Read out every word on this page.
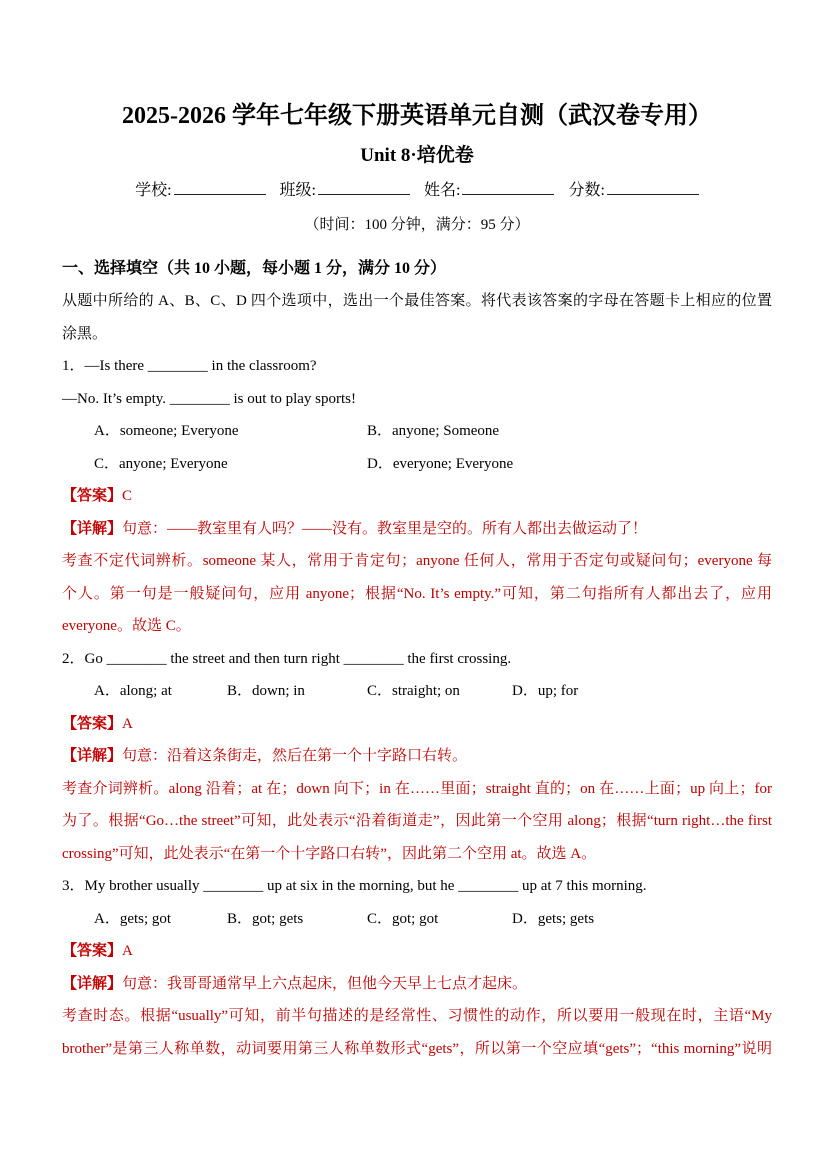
2025-2026 学年七年级下册英语单元自测（武汉卷专用）
Unit 8·培优卷
学校:	班级:	姓名:	分数:
（时间：100 分钟，满分：95 分）
一、选择填空（共 10 小题，每小题 1 分，满分 10 分）
从题中所给的 A、B、C、D 四个选项中，选出一个最佳答案。将代表该答案的字母在答题卡上相应的位置
涂黑。
1．—Is there ________ in the classroom?
—No. It’s empty. ________ is out to play sports!
A．someone; Everyone	B．anyone; Someone
C．anyone; Everyone	D．everyone; Everyone
【答案】C
【详解】句意：——教室里有人吗？——没有。教室里是空的。所有人都出去做运动了！
考查不定代词辨析。someone 某人，常用于肯定句；anyone 任何人，常用于否定句或疑问句；everyone 每
个人。第一句是一般疑问句，应用 anyone；根据“No. It’s empty.”可知，第二句指所有人都出去了，应用
everyone。故选 C。
2．Go ________ the street and then turn right ________ the first crossing.
A．along; at	B．down; in	C．straight; on	D．up; for
【答案】A
【详解】句意：沿着这条街走，然后在第一个十字路口右转。
考查介词辨析。along 沿着；at 在；down 向下；in 在……里面；straight 直的；on 在……上面；up 向上；for
为了。根据“Go…the street”可知，此处表示“沿着街道走”，因此第一个空用 along；根据“turn right…the first
crossing”可知，此处表示“在第一个十字路口右转”，因此第二个空用 at。故选 A。
3．My brother usually ________ up at six in the morning, but he ________ up at 7 this morning.
A．gets; got	B．got; gets	C．got; got	D．gets; gets
【答案】A
【详解】句意：我哥哥通常早上六点起床，但他今天早上七点才起床。
考查时态。根据“usually”可知，前半句描述的是经常性、习惯性的动作，所以要用一般现在时，主语“My
brother”是第三人称单数，动词要用第三人称单数形式“gets”，所以第一个空应填“gets”；“this morning”说明
